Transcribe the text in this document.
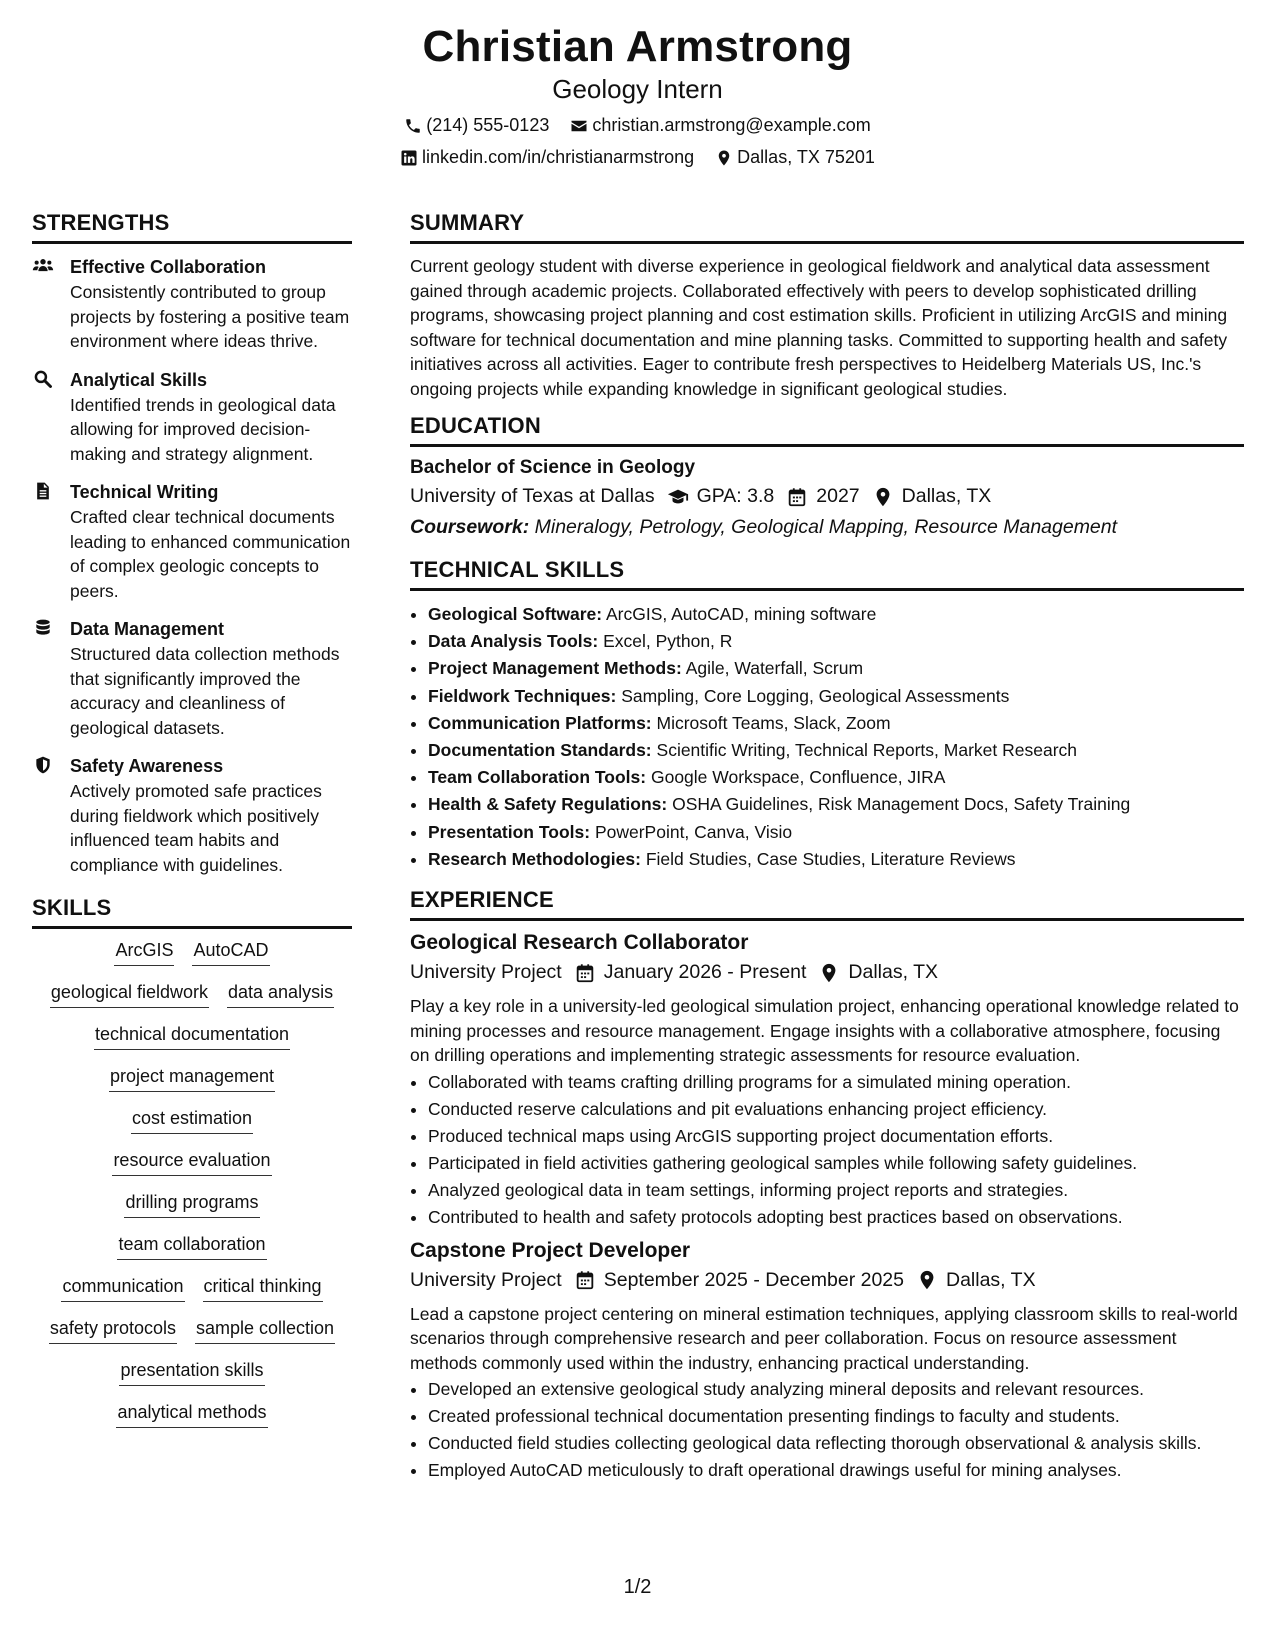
Christian Armstrong
Geology Intern
(214) 555-0123
christian.armstrong@example.com
linkedin.com/in/christianarmstrong
Dallas, TX 75201
STRENGTHS
Effective Collaboration
Consistently contributed to group projects by fostering a positive team environment where ideas thrive.
Analytical Skills
Identified trends in geological data allowing for improved decision-making and strategy alignment.
Technical Writing
Crafted clear technical documents leading to enhanced communication of complex geologic concepts to peers.
Data Management
Structured data collection methods that significantly improved the accuracy and cleanliness of geological datasets.
Safety Awareness
Actively promoted safe practices during fieldwork which positively influenced team habits and compliance with guidelines.
SKILLS
ArcGIS AutoCAD
geological fieldwork data analysis
technical documentation
project management
cost estimation
resource evaluation
drilling programs
team collaboration
communication critical thinking
safety protocols sample collection
presentation skills
analytical methods
SUMMARY
Current geology student with diverse experience in geological fieldwork and analytical data assessment gained through academic projects. Collaborated effectively with peers to develop sophisticated drilling programs, showcasing project planning and cost estimation skills. Proficient in utilizing ArcGIS and mining software for technical documentation and mine planning tasks. Committed to supporting health and safety initiatives across all activities. Eager to contribute fresh perspectives to Heidelberg Materials US, Inc.'s ongoing projects while expanding knowledge in significant geological studies.
EDUCATION
Bachelor of Science in Geology
University of Texas at Dallas GPA: 3.8 2027 Dallas, TX
Coursework: Mineralogy, Petrology, Geological Mapping, Resource Management
TECHNICAL SKILLS
• Geological Software: ArcGIS, AutoCAD, mining software
• Data Analysis Tools: Excel, Python, R
• Project Management Methods: Agile, Waterfall, Scrum
• Fieldwork Techniques: Sampling, Core Logging, Geological Assessments
• Communication Platforms: Microsoft Teams, Slack, Zoom
• Documentation Standards: Scientific Writing, Technical Reports, Market Research
• Team Collaboration Tools: Google Workspace, Confluence, JIRA
• Health & Safety Regulations: OSHA Guidelines, Risk Management Docs, Safety Training
• Presentation Tools: PowerPoint, Canva, Visio
• Research Methodologies: Field Studies, Case Studies, Literature Reviews
EXPERIENCE
Geological Research Collaborator
University Project January 2026 - Present Dallas, TX
Play a key role in a university-led geological simulation project, enhancing operational knowledge related to mining processes and resource management. Engage insights with a collaborative atmosphere, focusing on drilling operations and implementing strategic assessments for resource evaluation.
• Collaborated with teams crafting drilling programs for a simulated mining operation.
• Conducted reserve calculations and pit evaluations enhancing project efficiency.
• Produced technical maps using ArcGIS supporting project documentation efforts.
• Participated in field activities gathering geological samples while following safety guidelines.
• Analyzed geological data in team settings, informing project reports and strategies.
• Contributed to health and safety protocols adopting best practices based on observations.
Capstone Project Developer
University Project September 2025 - December 2025 Dallas, TX
Lead a capstone project centering on mineral estimation techniques, applying classroom skills to real-world scenarios through comprehensive research and peer collaboration. Focus on resource assessment methods commonly used within the industry, enhancing practical understanding.
• Developed an extensive geological study analyzing mineral deposits and relevant resources.
• Created professional technical documentation presenting findings to faculty and students.
• Conducted field studies collecting geological data reflecting thorough observational & analysis skills.
• Employed AutoCAD meticulously to draft operational drawings useful for mining analyses.
1/2
